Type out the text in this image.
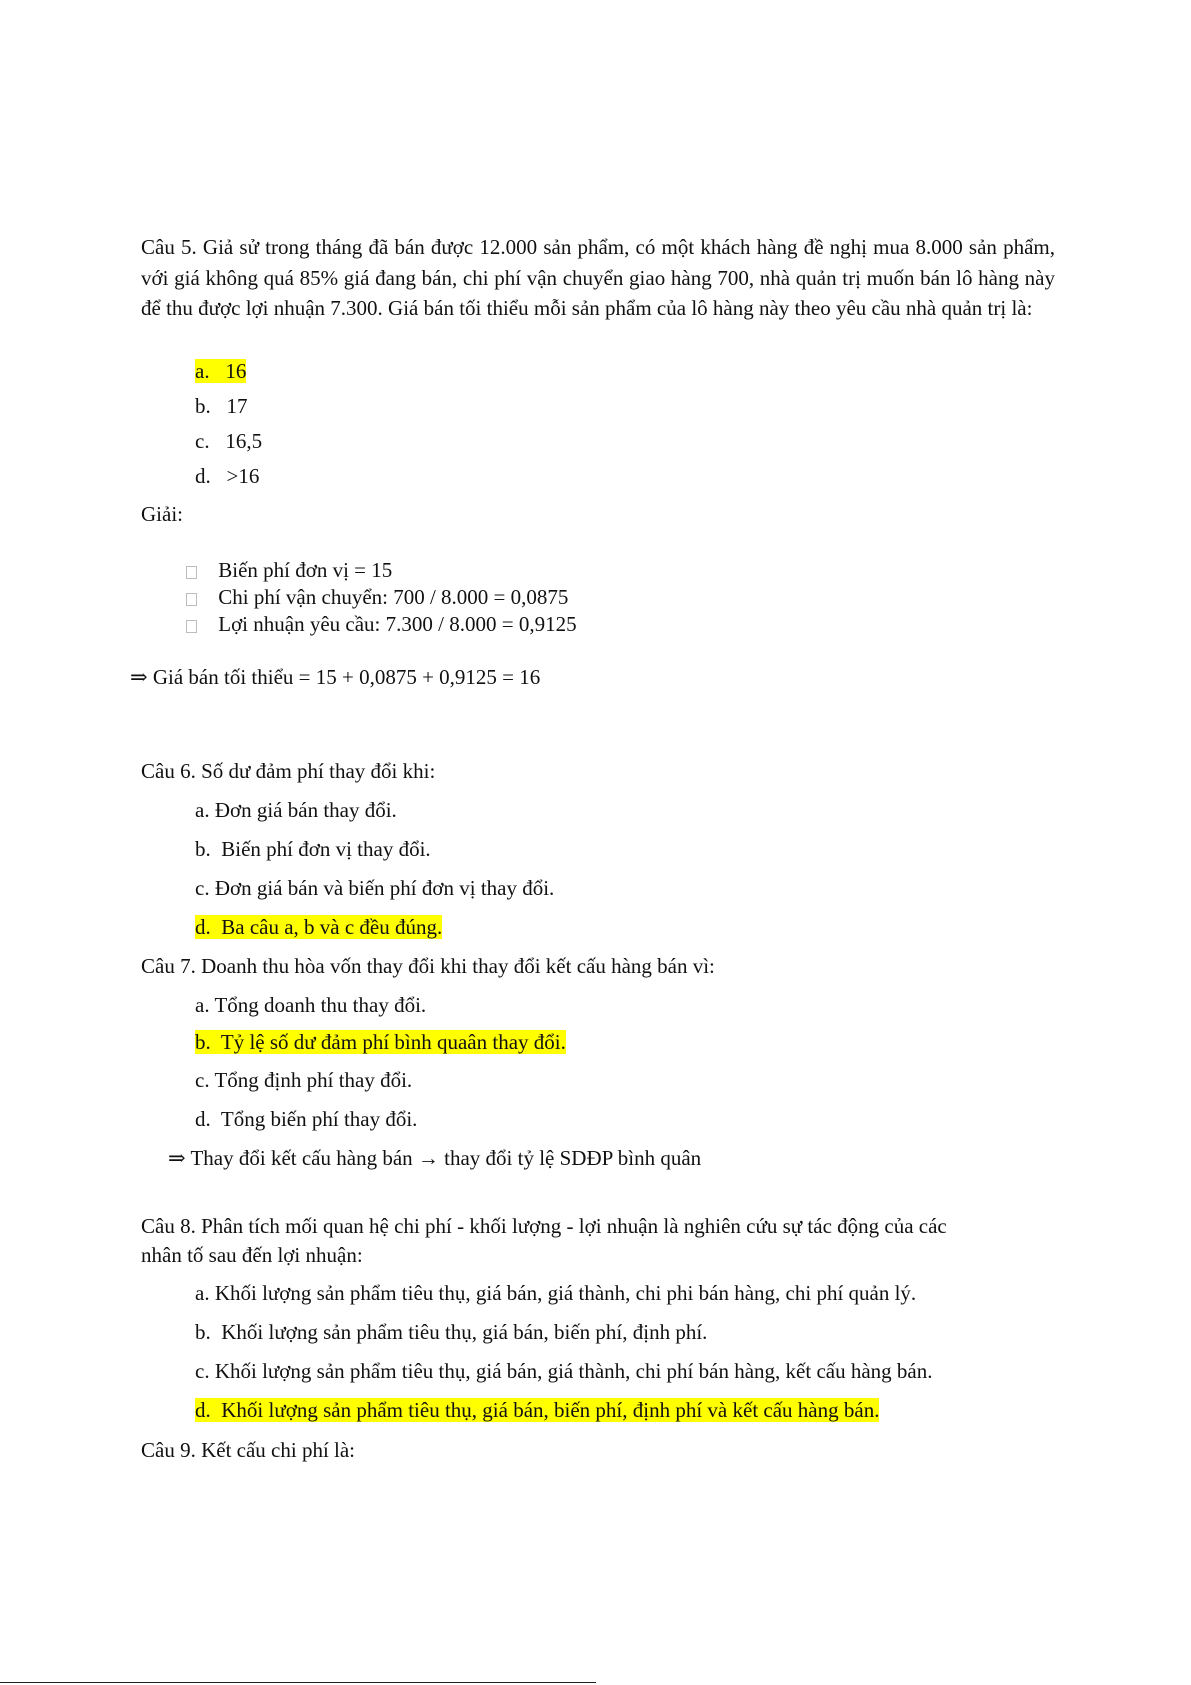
Câu 5. Giả sử trong tháng đã bán được 12.000 sản phẩm, có một khách hàng đề nghị mua 8.000 sản phẩm, với giá không quá 85% giá đang bán, chi phí vận chuyển giao hàng 700, nhà quản trị muốn bán lô hàng này để thu được lợi nhuận 7.300. Giá bán tối thiểu mỗi sản phẩm của lô hàng này theo yêu cầu nhà quản trị là:
a.   16
b.   17
c.   16,5
d.   >16
Giải:
Biến phí đơn vị = 15
Chi phí vận chuyển: 700 / 8.000 = 0,0875
Lợi nhuận yêu cầu: 7.300 / 8.000 = 0,9125
⇒ Giá bán tối thiểu = 15 + 0,0875 + 0,9125 = 16
Câu 6. Số dư đảm phí thay đổi khi:
a. Đơn giá bán thay đổi.
b.  Biến phí đơn vị thay đổi.
c. Đơn giá bán và biến phí đơn vị thay đổi.
d.  Ba câu a, b và c đều đúng.
Câu 7. Doanh thu hòa vốn thay đổi khi thay đổi kết cấu hàng bán vì:
a. Tổng doanh thu thay đổi.
b.  Tỷ lệ số dư đảm phí bình quaân thay đổi.
c. Tổng định phí thay đổi.
d.  Tổng biến phí thay đổi.
⇒ Thay đổi kết cấu hàng bán → thay đổi tỷ lệ SDĐP bình quân
Câu 8. Phân tích mối quan hệ chi phí - khối lượng - lợi nhuận là nghiên cứu sự tác động của các
nhân tố sau đến lợi nhuận:
a. Khối lượng sản phẩm tiêu thụ, giá bán, giá thành, chi phi bán hàng, chi phí quản lý.
b.  Khối lượng sản phẩm tiêu thụ, giá bán, biến phí, định phí.
c. Khối lượng sản phẩm tiêu thụ, giá bán, giá thành, chi phí bán hàng, kết cấu hàng bán.
d.  Khối lượng sản phẩm tiêu thụ, giá bán, biến phí, định phí và kết cấu hàng bán.
Câu 9. Kết cấu chi phí là:
